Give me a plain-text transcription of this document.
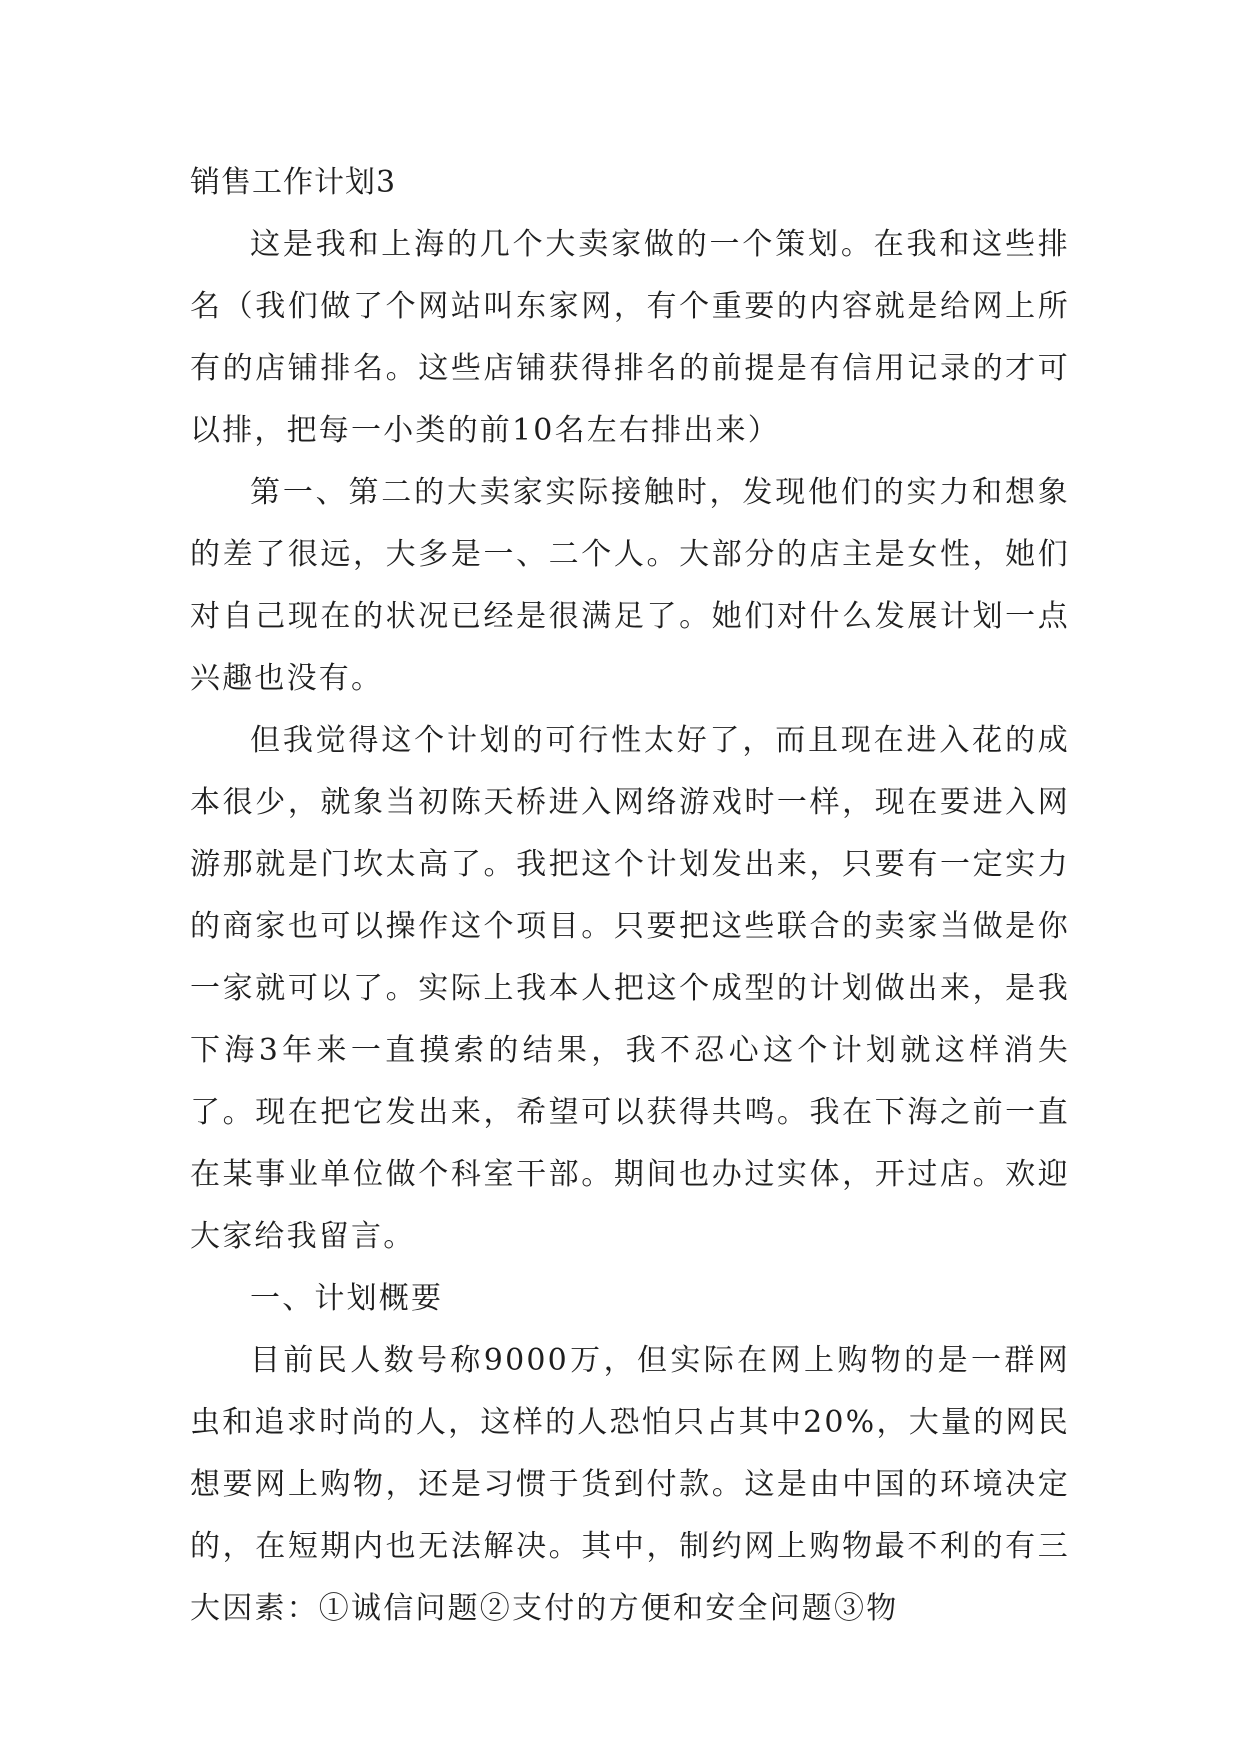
销售工作计划3

这是我和上海的几个大卖家做的一个策划。在我和这些排名（我们做了个网站叫东家网，有个重要的内容就是给网上所有的店铺排名。这些店铺获得排名的前提是有信用记录的才可以排，把每一小类的前10名左右排出来）

第一、第二的大卖家实际接触时，发现他们的实力和想象的差了很远，大多是一、二个人。大部分的店主是女性，她们对自己现在的状况已经是很满足了。她们对什么发展计划一点兴趣也没有。

但我觉得这个计划的可行性太好了，而且现在进入花的成本很少，就象当初陈天桥进入网络游戏时一样，现在要进入网游那就是门坎太高了。我把这个计划发出来，只要有一定实力的商家也可以操作这个项目。只要把这些联合的卖家当做是你一家就可以了。实际上我本人把这个成型的计划做出来，是我下海3年来一直摸索的结果，我不忍心这个计划就这样消失了。现在把它发出来，希望可以获得共鸣。我在下海之前一直在某事业单位做个科室干部。期间也办过实体，开过店。欢迎大家给我留言。

一、计划概要

目前民人数号称9000万，但实际在网上购物的是一群网虫和追求时尚的人，这样的人恐怕只占其中20%，大量的网民想要网上购物，还是习惯于货到付款。这是由中国的环境决定的，在短期内也无法解决。其中，制约网上购物最不利的有三大因素：①诚信问题②支付的方便和安全问题③物
